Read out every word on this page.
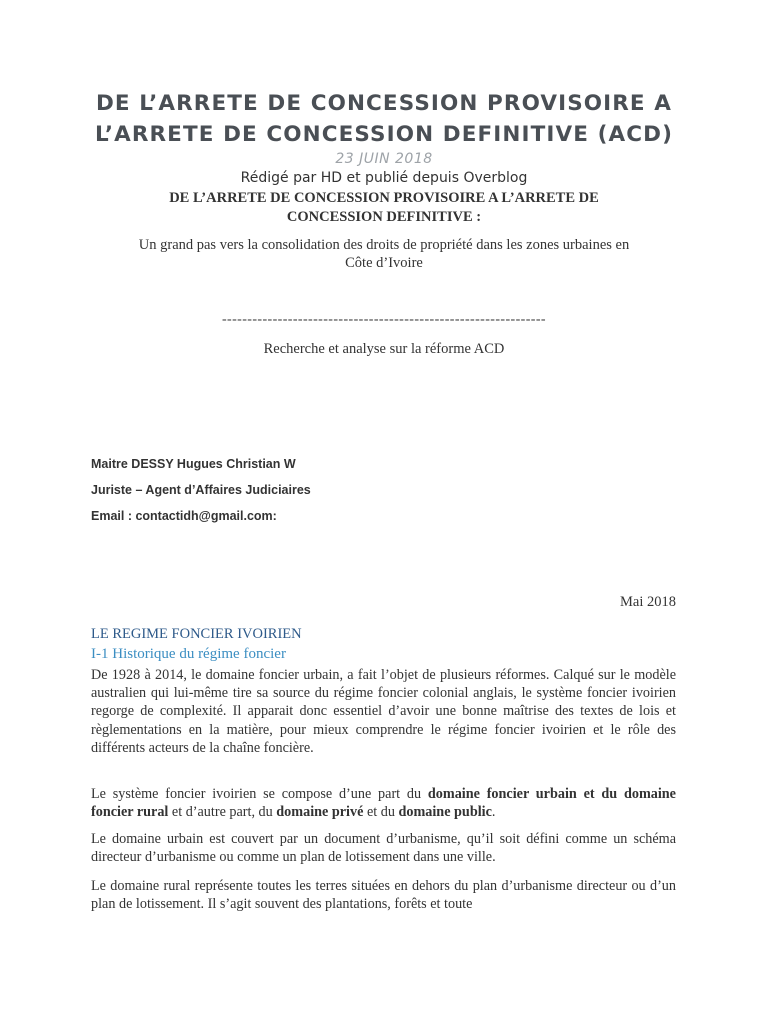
DE L’ARRETE DE CONCESSION PROVISOIRE A
L’ARRETE DE CONCESSION DEFINITIVE (ACD)
23 JUIN 2018
Rédigé par HD et publié depuis Overblog
DE L’ARRETE DE CONCESSION PROVISOIRE A L’ARRETE DE
CONCESSION DEFINITIVE :
Un grand pas vers la consolidation des droits de propriété dans les zones urbaines en
Côte d’Ivoire
----------------------------------------------------------------
Recherche et analyse sur la réforme ACD
Maitre DESSY Hugues Christian W
Juriste – Agent d’Affaires Judiciaires
Email : contactidh@gmail.com:
Mai 2018
LE REGIME FONCIER IVOIRIEN
I-1 Historique du régime foncier

De 1928 à 2014, le domaine foncier urbain, a fait l’objet de plusieurs réformes. Calqué sur le modèle australien qui lui-même tire sa source du régime foncier colonial anglais, le système foncier ivoirien regorge de complexité. Il apparait donc essentiel d’avoir une bonne maîtrise des textes de lois et règlementations en la matière, pour mieux comprendre le régime foncier ivoirien et le rôle des différents acteurs de la chaîne foncière.

Le système foncier ivoirien se compose d’une part du domaine foncier urbain et du domaine foncier rural et d’autre part, du domaine privé et du domaine public.

Le domaine urbain est couvert par un document d’urbanisme, qu’il soit défini comme un schéma directeur d’urbanisme ou comme un plan de lotissement dans une ville.

Le domaine rural représente toutes les terres situées en dehors du plan d’urbanisme directeur ou d’un plan de lotissement. Il s’agit souvent des plantations, forêts et toute
